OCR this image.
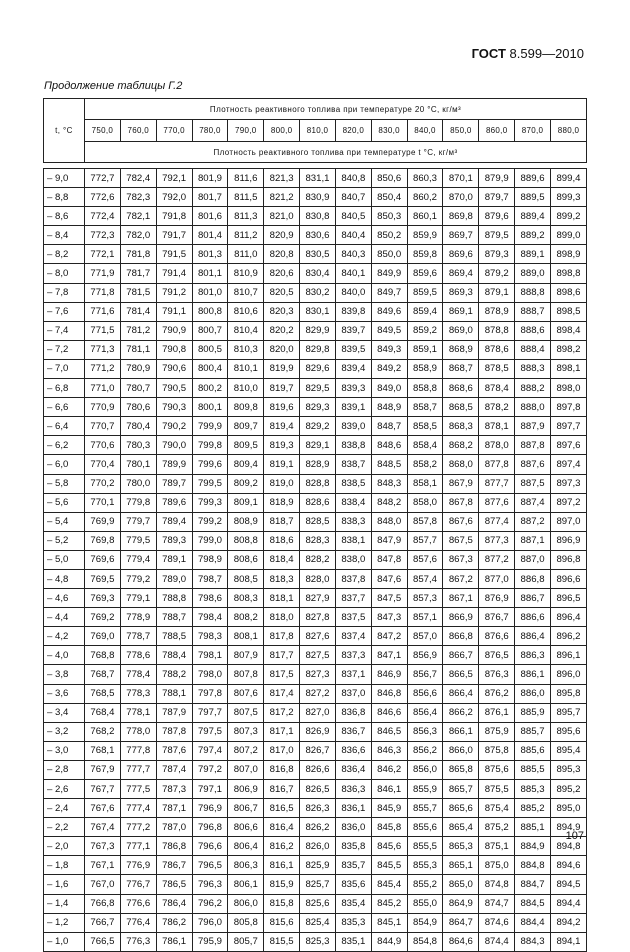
ГОСТ 8.599—2010
Продолжение таблицы Г.2
t, °С	Плотность реактивного топлива при температуре 20 °С, кг/м³													
	750,0	760,0	770,0	780,0	790,0	800,0	810,0	820,0	830,0	840,0	850,0	860,0	870,0	880,0
	Плотность реактивного топлива при температуре t °С, кг/м³													

– 9,0	772,7	782,4	792,1	801,9	811,6	821,3	831,1	840,8	850,6	860,3	870,1	879,9	889,6	899,4
– 8,8	772,6	782,3	792,0	801,7	811,5	821,2	830,9	840,7	850,4	860,2	870,0	879,7	889,5	899,3
– 8,6	772,4	782,1	791,8	801,6	811,3	821,0	830,8	840,5	850,3	860,1	869,8	879,6	889,4	899,2
– 8,4	772,3	782,0	791,7	801,4	811,2	820,9	830,6	840,4	850,2	859,9	869,7	879,5	889,2	899,0
– 8,2	772,1	781,8	791,5	801,3	811,0	820,8	830,5	840,3	850,0	859,8	869,6	879,3	889,1	898,9
– 8,0	771,9	781,7	791,4	801,1	810,9	820,6	830,4	840,1	849,9	859,6	869,4	879,2	889,0	898,8
– 7,8	771,8	781,5	791,2	801,0	810,7	820,5	830,2	840,0	849,7	859,5	869,3	879,1	888,8	898,6
– 7,6	771,6	781,4	791,1	800,8	810,6	820,3	830,1	839,8	849,6	859,4	869,1	878,9	888,7	898,5
– 7,4	771,5	781,2	790,9	800,7	810,4	820,2	829,9	839,7	849,5	859,2	869,0	878,8	888,6	898,4
– 7,2	771,3	781,1	790,8	800,5	810,3	820,0	829,8	839,5	849,3	859,1	868,9	878,6	888,4	898,2
– 7,0	771,2	780,9	790,6	800,4	810,1	819,9	829,6	839,4	849,2	858,9	868,7	878,5	888,3	898,1
– 6,8	771,0	780,7	790,5	800,2	810,0	819,7	829,5	839,3	849,0	858,8	868,6	878,4	888,2	898,0
– 6,6	770,9	780,6	790,3	800,1	809,8	819,6	829,3	839,1	848,9	858,7	868,5	878,2	888,0	897,8
– 6,4	770,7	780,4	790,2	799,9	809,7	819,4	829,2	839,0	848,7	858,5	868,3	878,1	887,9	897,7
– 6,2	770,6	780,3	790,0	799,8	809,5	819,3	829,1	838,8	848,6	858,4	868,2	878,0	887,8	897,6
– 6,0	770,4	780,1	789,9	799,6	809,4	819,1	828,9	838,7	848,5	858,2	868,0	877,8	887,6	897,4
– 5,8	770,2	780,0	789,7	799,5	809,2	819,0	828,8	838,5	848,3	858,1	867,9	877,7	887,5	897,3
– 5,6	770,1	779,8	789,6	799,3	809,1	818,9	828,6	838,4	848,2	858,0	867,8	877,6	887,4	897,2
– 5,4	769,9	779,7	789,4	799,2	808,9	818,7	828,5	838,3	848,0	857,8	867,6	877,4	887,2	897,0
– 5,2	769,8	779,5	789,3	799,0	808,8	818,6	828,3	838,1	847,9	857,7	867,5	877,3	887,1	896,9
– 5,0	769,6	779,4	789,1	798,9	808,6	818,4	828,2	838,0	847,8	857,6	867,3	877,2	887,0	896,8
– 4,8	769,5	779,2	789,0	798,7	808,5	818,3	828,0	837,8	847,6	857,4	867,2	877,0	886,8	896,6
– 4,6	769,3	779,1	788,8	798,6	808,3	818,1	827,9	837,7	847,5	857,3	867,1	876,9	886,7	896,5
– 4,4	769,2	778,9	788,7	798,4	808,2	818,0	827,8	837,5	847,3	857,1	866,9	876,7	886,6	896,4
– 4,2	769,0	778,7	788,5	798,3	808,1	817,8	827,6	837,4	847,2	857,0	866,8	876,6	886,4	896,2
– 4,0	768,8	778,6	788,4	798,1	807,9	817,7	827,5	837,3	847,1	856,9	866,7	876,5	886,3	896,1
– 3,8	768,7	778,4	788,2	798,0	807,8	817,5	827,3	837,1	846,9	856,7	866,5	876,3	886,1	896,0
– 3,6	768,5	778,3	788,1	797,8	807,6	817,4	827,2	837,0	846,8	856,6	866,4	876,2	886,0	895,8
– 3,4	768,4	778,1	787,9	797,7	807,5	817,2	827,0	836,8	846,6	856,4	866,2	876,1	885,9	895,7
– 3,2	768,2	778,0	787,8	797,5	807,3	817,1	826,9	836,7	846,5	856,3	866,1	875,9	885,7	895,6
– 3,0	768,1	777,8	787,6	797,4	807,2	817,0	826,7	836,6	846,3	856,2	866,0	875,8	885,6	895,4
– 2,8	767,9	777,7	787,4	797,2	807,0	816,8	826,6	836,4	846,2	856,0	865,8	875,6	885,5	895,3
– 2,6	767,7	777,5	787,3	797,1	806,9	816,7	826,5	836,3	846,1	855,9	865,7	875,5	885,3	895,2
– 2,4	767,6	777,4	787,1	796,9	806,7	816,5	826,3	836,1	845,9	855,7	865,6	875,4	885,2	895,0
– 2,2	767,4	777,2	787,0	796,8	806,6	816,4	826,2	836,0	845,8	855,6	865,4	875,2	885,1	894,9
– 2,0	767,3	777,1	786,8	796,6	806,4	816,2	826,0	835,8	845,6	855,5	865,3	875,1	884,9	894,8
– 1,8	767,1	776,9	786,7	796,5	806,3	816,1	825,9	835,7	845,5	855,3	865,1	875,0	884,8	894,6
– 1,6	767,0	776,7	786,5	796,3	806,1	815,9	825,7	835,6	845,4	855,2	865,0	874,8	884,7	894,5
– 1,4	766,8	776,6	786,4	796,2	806,0	815,8	825,6	835,4	845,2	855,0	864,9	874,7	884,5	894,4
– 1,2	766,7	776,4	786,2	796,0	805,8	815,6	825,4	835,3	845,1	854,9	864,7	874,6	884,4	894,2
– 1,0	766,5	776,3	786,1	795,9	805,7	815,5	825,3	835,1	844,9	854,8	864,6	874,4	884,3	894,1
107
